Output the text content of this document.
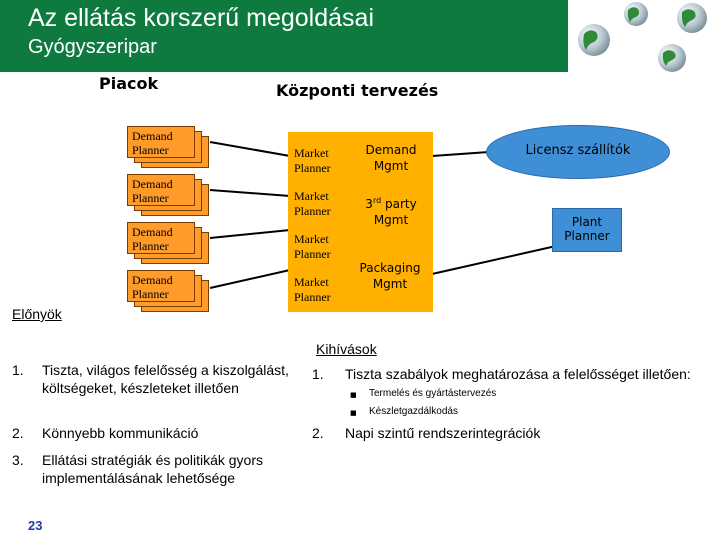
Az ellátás korszerű megoldásai
Gyógyszeripar
Piacok	Központi tervezés
Demand
Planner
Demand
Planner
Demand
Planner
Demand
Planner
Market
Planner
Market
Planner
Market
Planner
Market
Planner
Demand
Mgmt
3rd party
Mgmt
Packaging
Mgmt
Licensz szállítók
Plant
Planner
Előnyök
1. Tiszta, világos felelősség a kiszolgálást, költségeket, készleteket illetően
2. Könnyebb kommunikáció
3. Ellátási stratégiák és politikák gyors implementálásának lehetősége
Kihívások
1. Tiszta szabályok meghatározása a felelősséget illetően:
■ Termelés és gyártástervezés
■ Készletgazdálkodás
2. Napi szintű rendszerintegrációk
23
